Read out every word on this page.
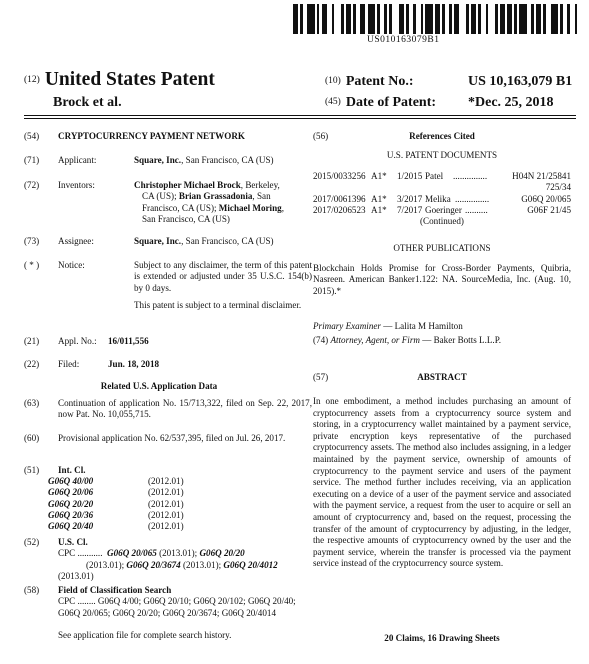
US010163079B1
(12) United States Patent
Brock et al.
(10) Patent No.:	US 10,163,079 B1
(45) Date of Patent: *Dec. 25, 2018
(54) CRYPTOCURRENCY PAYMENT NETWORK
(71) Applicant:	Square, Inc., San Francisco, CA (US)
(72) Inventors:	Christopher Michael Brock, Berkeley,
CA (US); Brian Grassadonia, San
Francisco, CA (US); Michael Moring,
San Francisco, CA (US)
(73) Assignee:	Square, Inc., San Francisco, CA (US)
( * ) Notice:	Subject to any disclaimer, the term of this patent is extended or adjusted under 35 U.S.C. 154(b) by 0 days.
This patent is subject to a terminal disclaimer.
(21) Appl. No.: 16/011,556
(22) Filed:	Jun. 18, 2018
Related U.S. Application Data
(63) Continuation of application No. 15/713,322, filed on Sep. 22, 2017, now Pat. No. 10,055,715.
(60) Provisional application No. 62/537,395, filed on Jul. 26, 2017.
(51) Int. Cl.
G06Q 40/00	(2012.01)
G06Q 20/06	(2012.01)
G06Q 20/20	(2012.01)
G06Q 20/36	(2012.01)
G06Q 20/40	(2012.01)
(52) U.S. Cl.
CPC ........... G06Q 20/065 (2013.01); G06Q 20/20
(2013.01); G06Q 20/3674 (2013.01); G06Q 20/4012 (2013.01)
(58) Field of Classification Search
CPC ........ G06Q 4/00; G06Q 20/10; G06Q 20/102; G06Q 20/40; G06Q 20/065; G06Q 20/20; G06Q 20/3674; G06Q 20/4014
See application file for complete search history.
(56)	References Cited
U.S. PATENT DOCUMENTS
2015/0033256 A1* 1/2015 Patel ...............	H04N 21/25841
725/34
2017/0061396 A1* 3/2017 Melika ...............	G06Q 20/065
2017/0206523 A1* 7/2017 Goeringer ..........	G06F 21/45
(Continued)
OTHER PUBLICATIONS
Blockchain Holds Promise for Cross-Border Payments, Quibria, Nasreen. American Banker1.122: NA. SourceMedia, Inc. (Aug. 10, 2015).*
Primary Examiner — Lalita M Hamilton
(74) Attorney, Agent, or Firm — Baker Botts L.L.P.
(57)	ABSTRACT
In one embodiment, a method includes purchasing an amount of cryptocurrency assets from a cryptocurrency source system and storing, in a cryptocurrency wallet maintained by a payment service, private encryption keys representative of the purchased cryptocurrency assets. The method also includes assigning, in a ledger maintained by the payment service, ownership of amounts of cryptocurrency to the payment service and users of the payment service. The method further includes receiving, via an application executing on a device of a user of the payment service and associated with the payment service, a request from the user to acquire or sell an amount of cryptocurrency and, based on the request, processing the transfer of the amount of cryptocurrency by adjusting, in the ledger, the respective amounts of cryptocurrency owned by the user and the payment service, wherein the transfer is processed via the payment service instead of the cryptocurrency source system.
20 Claims, 16 Drawing Sheets
